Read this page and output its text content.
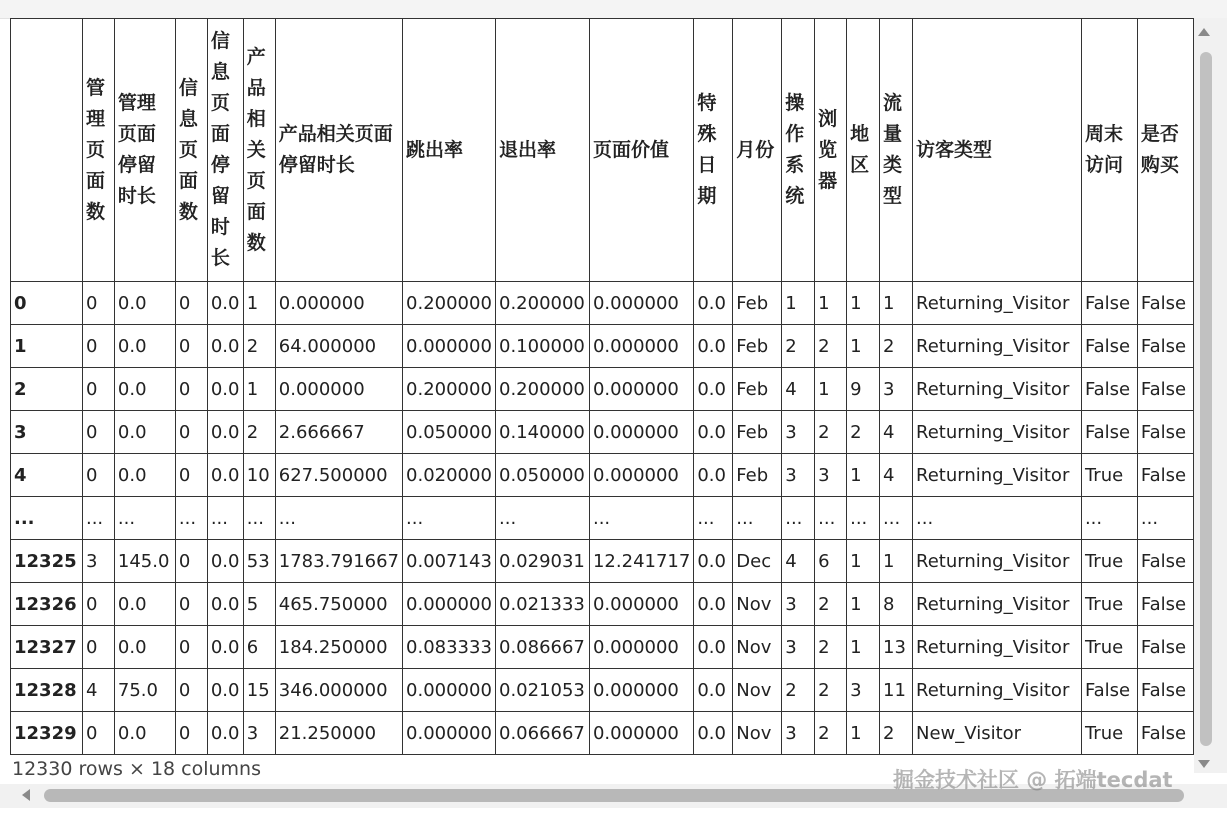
	管理页面数	管理页面停留时长	信息页面数	信息页面停留时长	产品相关页面数	产品相关页面停留时长	跳出率	退出率	页面价值	特殊日期	月份	操作系统	浏览器	地区	流量类型	访客类型	周末访问	是否购买
0	0	0.0	0	0.0	1	0.000000	0.200000	0.200000	0.000000	0.0	Feb	1	1	1	1	Returning_Visitor	False	False
1	0	0.0	0	0.0	2	64.000000	0.000000	0.100000	0.000000	0.0	Feb	2	2	1	2	Returning_Visitor	False	False
2	0	0.0	0	0.0	1	0.000000	0.200000	0.200000	0.000000	0.0	Feb	4	1	9	3	Returning_Visitor	False	False
3	0	0.0	0	0.0	2	2.666667	0.050000	0.140000	0.000000	0.0	Feb	3	2	2	4	Returning_Visitor	False	False
4	0	0.0	0	0.0	10	627.500000	0.020000	0.050000	0.000000	0.0	Feb	3	3	1	4	Returning_Visitor	True	False
...	...	...	...	...	...	...	...	...	...	...	...	...	...	...	...	...	...	...
12325	3	145.0	0	0.0	53	1783.791667	0.007143	0.029031	12.241717	0.0	Dec	4	6	1	1	Returning_Visitor	True	False
12326	0	0.0	0	0.0	5	465.750000	0.000000	0.021333	0.000000	0.0	Nov	3	2	1	8	Returning_Visitor	True	False
12327	0	0.0	0	0.0	6	184.250000	0.083333	0.086667	0.000000	0.0	Nov	3	2	1	13	Returning_Visitor	True	False
12328	4	75.0	0	0.0	15	346.000000	0.000000	0.021053	0.000000	0.0	Nov	2	2	3	11	Returning_Visitor	False	False
12329	0	0.0	0	0.0	3	21.250000	0.000000	0.066667	0.000000	0.0	Nov	3	2	1	2	New_Visitor	True	False
12330 rows × 18 columns	掘金技术社区 @ 拓端tecdat
